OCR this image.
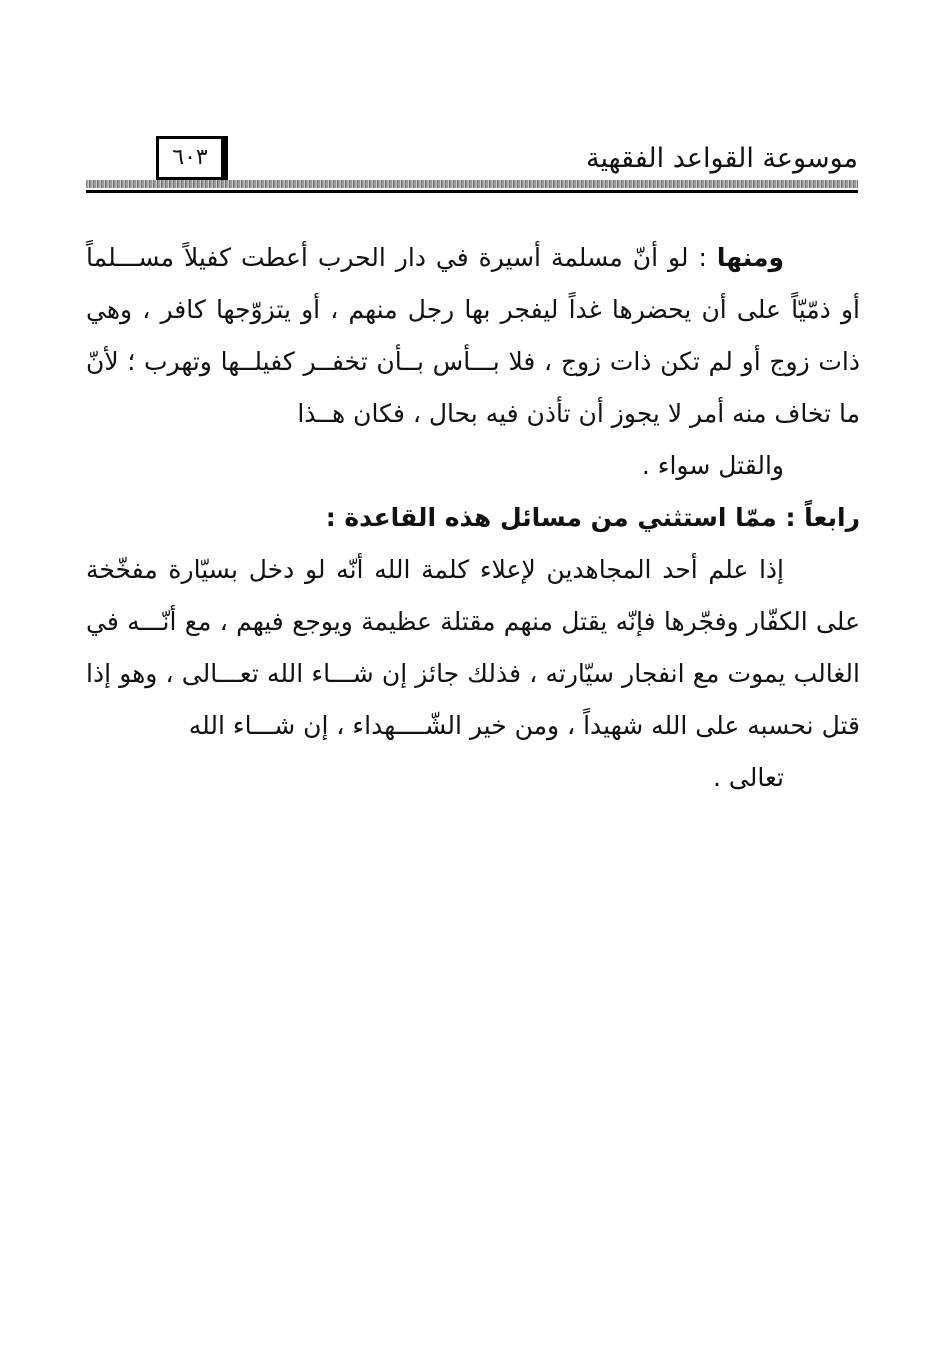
موسوعة القواعد الفقهية
٦٠٣

ومنها : لو أنّ مسلمة أسيرة في دار الحرب أعطت كفيلاً مســـلماً أو ذمّيّاً على أن يحضرها غداً ليفجر بها رجل منهم ، أو يتزوّجها كافر ، وهي ذات زوج أو لم تكن ذات زوج ، فلا بـــأس بــأن تخفــر كفيلــها وتهرب ؛ لأنّ ما تخاف منه أمر لا يجوز أن تأذن فيه بحال ، فكان هــذا
والقتل سواء .

رابعاً : ممّا استثني من مسائل هذه القاعدة :

إذا علم أحد المجاهدين لإعلاء كلمة الله أنّه لو دخل بسيّارة مفخّخة على الكفّار وفجّرها فإنّه يقتل منهم مقتلة عظيمة ويوجع فيهم ، مع أنّـــه في الغالب يموت مع انفجار سيّارته ، فذلك جائز إن شـــاء الله تعـــالى ، وهو إذا قتل نحسبه على الله شهيداً ، ومن خير الشّــــهداء ، إن شـــاء الله
تعالى .
